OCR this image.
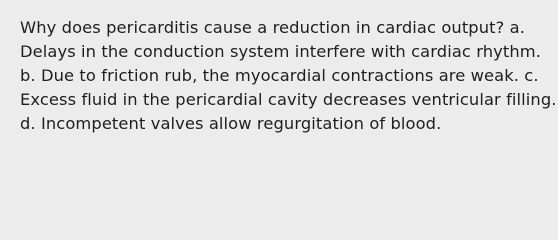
Why does pericarditis cause a reduction in cardiac output? a.
Delays in the conduction system interfere with cardiac rhythm.
b. Due to friction rub, the myocardial contractions are weak. c.
Excess fluid in the pericardial cavity decreases ventricular filling.
d. Incompetent valves allow regurgitation of blood.
